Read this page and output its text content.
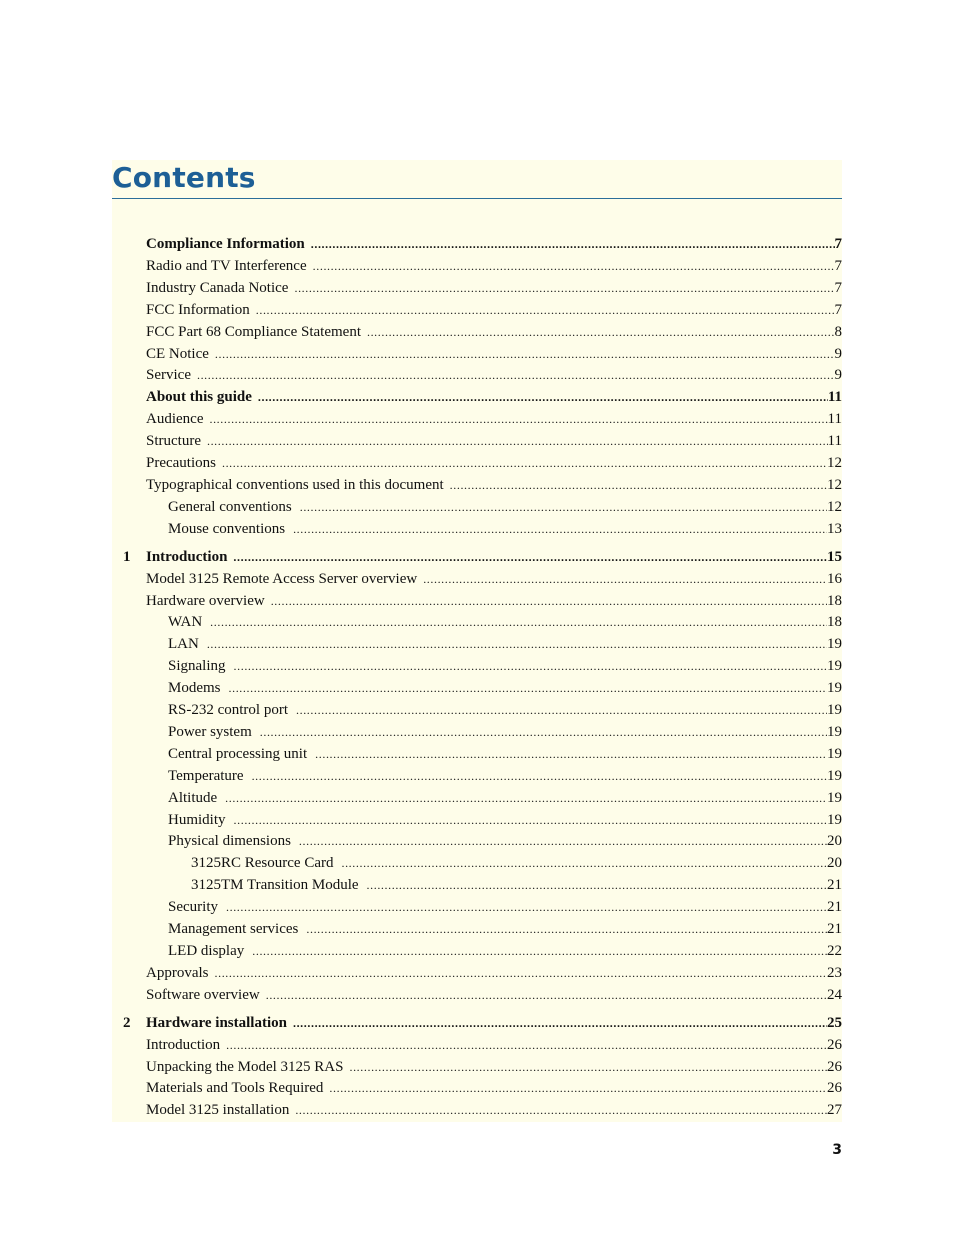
Contents
Compliance Information .....	7
Radio and TV Interference .....	7
Industry Canada Notice .....	7
FCC Information .....	7
FCC Part 68 Compliance Statement .....	8
CE Notice .....	9
Service .....	9
About this guide .....	11
Audience .....	11
Structure .....	11
Precautions .....	12
Typographical conventions used in this document .....	12
General conventions .....	12
Mouse conventions .....	13
1 Introduction .....	15
Model 3125 Remote Access Server overview .....	16
Hardware overview .....	18
WAN .....	18
LAN .....	19
Signaling .....	19
Modems .....	19
RS-232 control port .....	19
Power system .....	19
Central processing unit .....	19
Temperature .....	19
Altitude .....	19
Humidity .....	19
Physical dimensions .....	20
3125RC Resource Card .....	20
3125TM Transition Module .....	21
Security .....	21
Management services .....	21
LED display .....	22
Approvals .....	23
Software overview .....	24
2 Hardware installation .....	25
Introduction .....	26
Unpacking the Model 3125 RAS .....	26
Materials and Tools Required .....	26
Model 3125 installation .....	27
3
